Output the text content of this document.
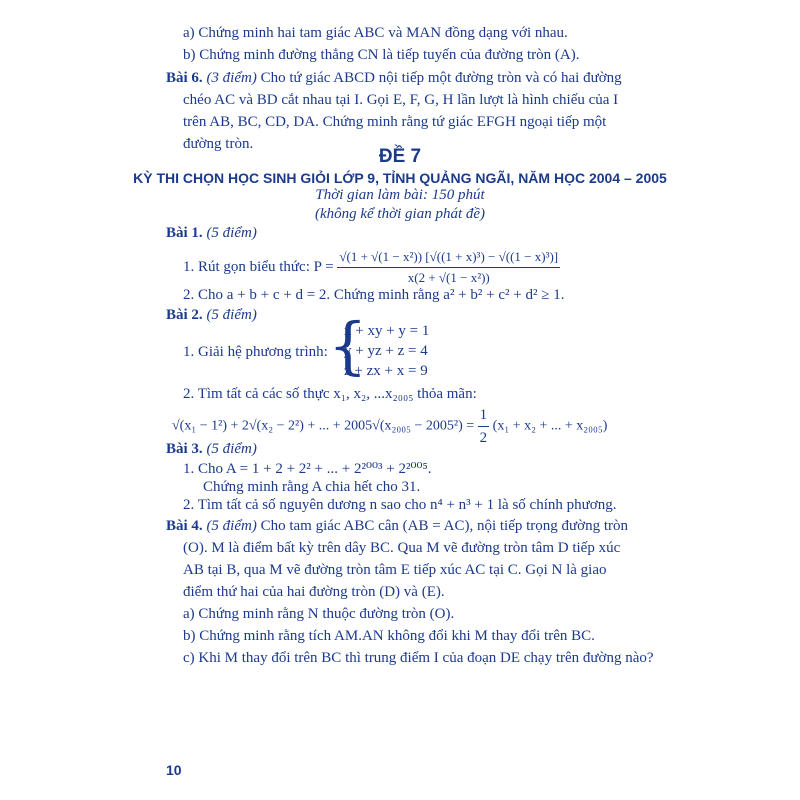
a) Chứng minh hai tam giác ABC và MAN đồng dạng với nhau.
b) Chứng minh đường thẳng CN là tiếp tuyến của đường tròn (A).
Bài 6. (3 điểm) Cho tứ giác ABCD nội tiếp một đường tròn và có hai đường
chéo AC và BD cắt nhau tại I. Gọi E, F, G, H lần lượt là hình chiếu của I
trên AB, BC, CD, DA. Chứng minh rằng tứ giác EFGH ngoại tiếp một
đường tròn.
ĐỀ 7
KỲ THI CHỌN HỌC SINH GIỎI LỚP 9, TỈNH QUẢNG NGÃI, NĂM HỌC 2004 – 2005
Thời gian làm bài: 150 phút
(không kể thời gian phát đề)
Bài 1. (5 điểm)
1. Rút gọn biểu thức: $P = \frac{\text{√(1 + √(1 − x²)) [√((1 + x)³) − √((1 − x)³)]}}{\text{x(2 + √(1 − x²))}}$
2. Cho a + b + c + d = 2. Chứng minh rằng a² + b² + c² + d² ≥ 1.
Bài 2. (5 điểm)
1. Giải hệ phương trình: {
x + xy + y = 1
y + yz + z = 4
z + zx + x = 9
2. Tìm tất cả các số thực x₁, x₂, ...x₂₀₀₅ thỏa mãn:
√(x₁ − 1²) + 2√(x₂ − 2²) + ... + $2005√(x_{2005} - 2005^2) = \frac{1}{2} (x_1 + x_2$ + ... + x₂₀₀₅)
Bài 3. (5 điểm)
1. Cho A = 1 + 2 + 2² + ... + 2²⁰⁰³ + 2²⁰⁰⁵.
Chứng minh rằng A chia hết cho 31.
2. Tìm tất cả số nguyên dương n sao cho n⁴ + n³ + 1 là số chính phương.
Bài 4. (5 điểm) Cho tam giác ABC cân (AB = AC), nội tiếp trọng đường tròn
(O). M là điểm bất kỳ trên dây BC. Qua M vẽ đường tròn tâm D tiếp xúc
AB tại B, qua M vẽ đường tròn tâm E tiếp xúc AC tại C. Gọi N là giao
điểm thứ hai của hai đường tròn (D) và (E).
a) Chứng minh rằng N thuộc đường tròn (O).
b) Chứng minh rằng tích AM.AN không đổi khi M thay đổi trên BC.
c) Khi M thay đổi trên BC thì trung điểm I của đoạn DE chạy trên đường nào?
10
